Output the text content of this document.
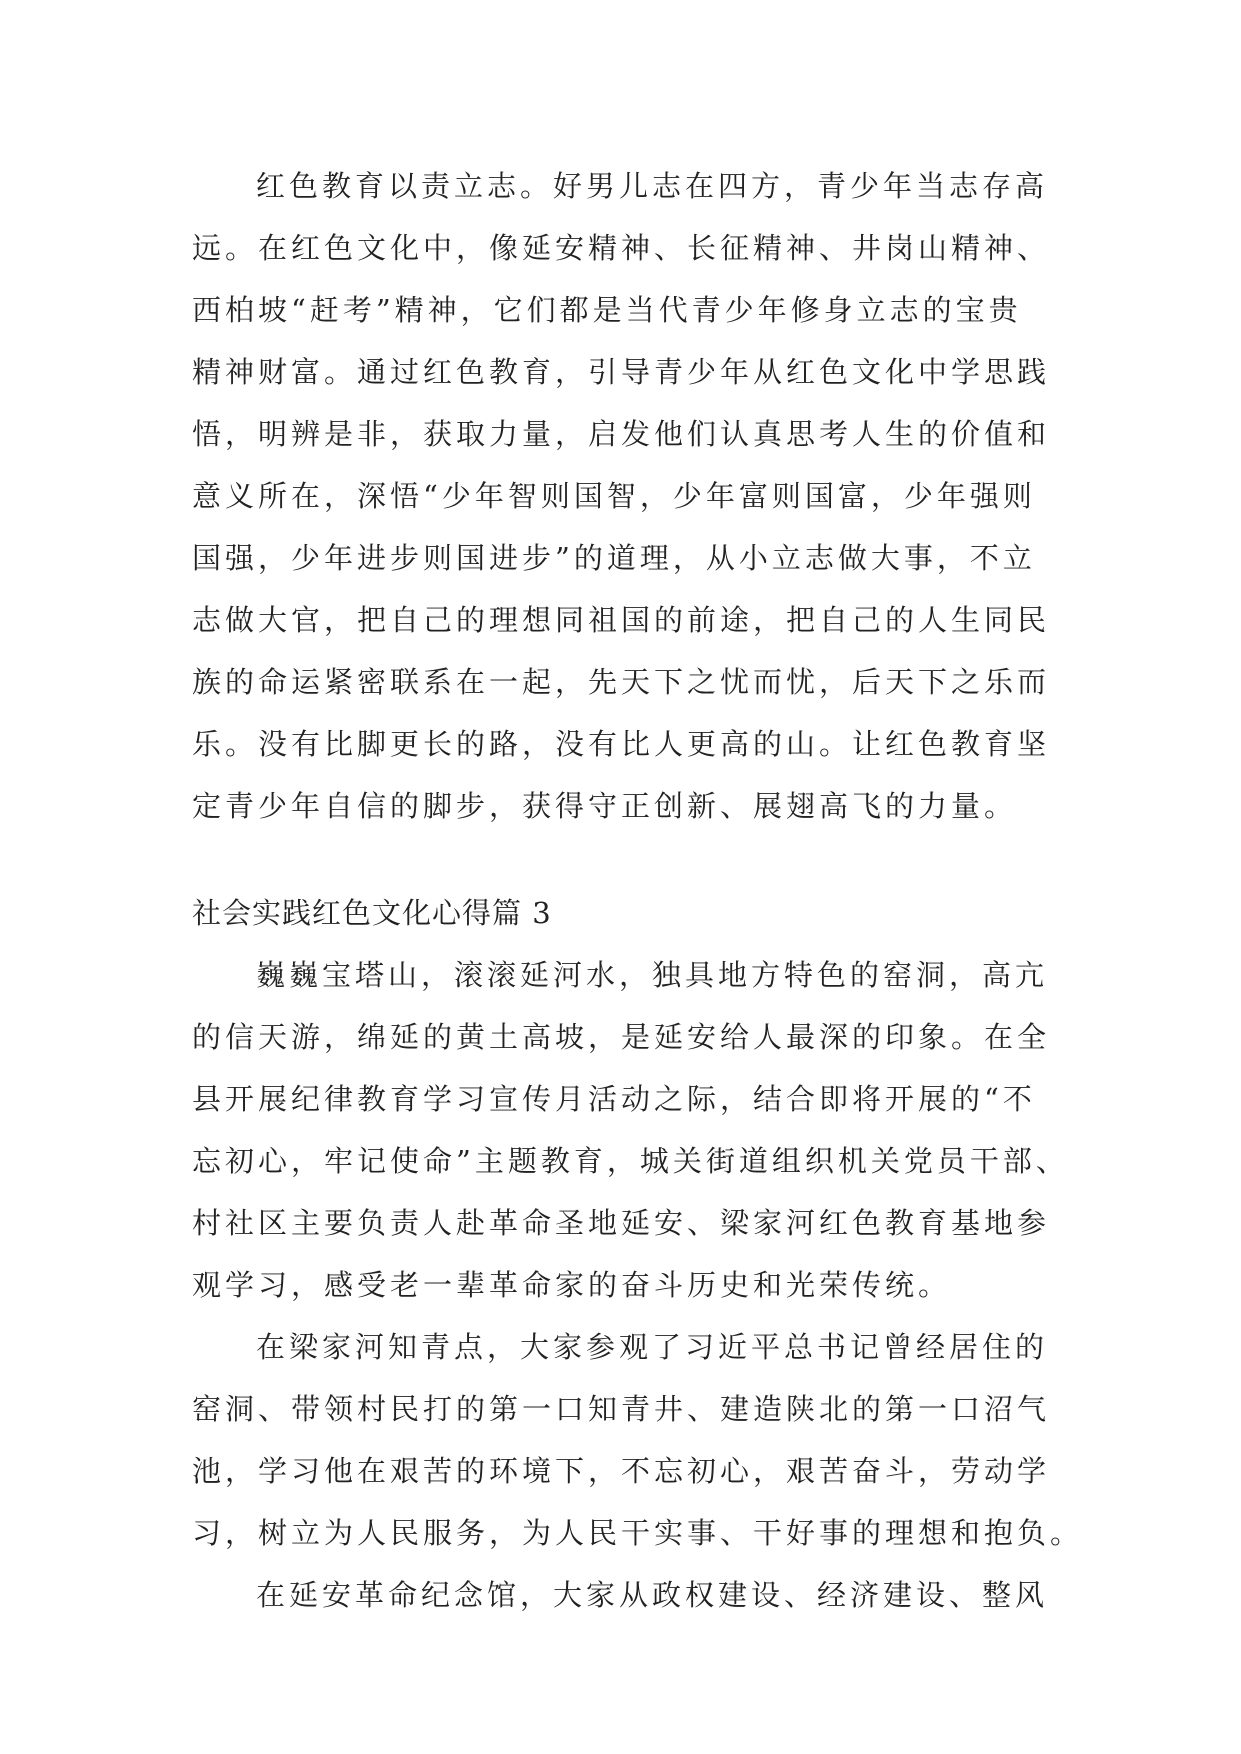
红色教育以责立志。好男儿志在四方，青少年当志存高

远。在红色文化中，像延安精神、长征精神、井岗山精神、

西柏坡“赶考”精神，它们都是当代青少年修身立志的宝贵

精神财富。通过红色教育，引导青少年从红色文化中学思践

悟，明辨是非，获取力量，启发他们认真思考人生的价值和

意义所在，深悟“少年智则国智，少年富则国富，少年强则

国强，少年进步则国进步”的道理，从小立志做大事，不立

志做大官，把自己的理想同祖国的前途，把自己的人生同民

族的命运紧密联系在一起，先天下之忧而忧，后天下之乐而

乐。没有比脚更长的路，没有比人更高的山。让红色教育坚

定青少年自信的脚步，获得守正创新、展翅高飞的力量。

社会实践红色文化心得篇 3

巍巍宝塔山，滚滚延河水，独具地方特色的窑洞，高亢

的信天游，绵延的黄土高坡，是延安给人最深的印象。在全

县开展纪律教育学习宣传月活动之际，结合即将开展的“不

忘初心，牢记使命”主题教育，城关街道组织机关党员干部、

村社区主要负责人赴革命圣地延安、梁家河红色教育基地参

观学习，感受老一辈革命家的奋斗历史和光荣传统。

在梁家河知青点，大家参观了习近平总书记曾经居住的

窑洞、带领村民打的第一口知青井、建造陕北的第一口沼气

池，学习他在艰苦的环境下，不忘初心，艰苦奋斗，劳动学

习，树立为人民服务，为人民干实事、干好事的理想和抱负。

在延安革命纪念馆，大家从政权建设、经济建设、整风
